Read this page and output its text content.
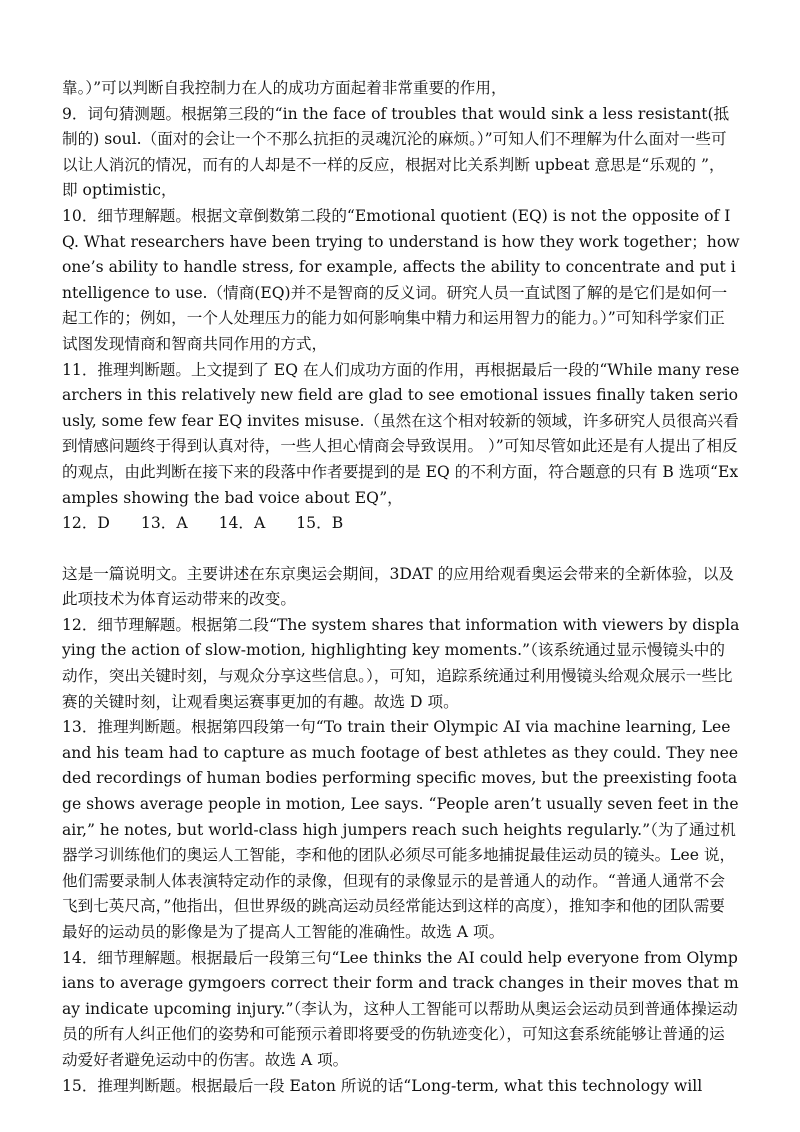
靠。）”可以判断自我控制力在人的成功方面起着非常重要的作用，

9．词句猜测题。根据第三段的“in the face of troubles that would sink a less resistant(抵制的) soul.（面对的会让一个不那么抗拒的灵魂沉沦的麻烦。）”可知人们不理解为什么面对一些可以让人消沉的情况，而有的人却是不一样的反应，根据对比关系判断 upbeat 意思是“乐观的 ”，即 optimistic，

10．细节理解题。根据文章倒数第二段的“Emotional quotient (EQ) is not the opposite of IQ. What researchers have been trying to understand is how they work together；how one’s ability to handle stress, for example, affects the ability to concentrate and put intelligence to use.（情商(EQ)并不是智商的反义词。研究人员一直试图了解的是它们是如何一起工作的；例如，一个人处理压力的能力如何影响集中精力和运用智力的能力。）”可知科学家们正试图发现情商和智商共同作用的方式，

11．推理判断题。上文提到了 EQ 在人们成功方面的作用，再根据最后一段的“While many researchers in this relatively new field are glad to see emotional issues finally taken seriously, some few fear EQ invites misuse.（虽然在这个相对较新的领域，许多研究人员很高兴看到情感问题终于得到认真对待，一些人担心情商会导致误用。 ）”可知尽管如此还是有人提出了相反的观点，由此判断在接下来的段落中作者要提到的是 EQ 的不利方面，符合题意的只有 B 选项“Examples showing the bad voice about EQ”，

12．D 13．A 14．A 15．B

这是一篇说明文。主要讲述在东京奥运会期间，3DAT 的应用给观看奥运会带来的全新体验，以及此项技术为体育运动带来的改变。

12．细节理解题。根据第二段“The system shares that information with viewers by displaying the action of slow-motion, highlighting key moments.”（该系统通过显示慢镜头中的动作，突出关键时刻，与观众分享这些信息。），可知，追踪系统通过利用慢镜头给观众展示一些比赛的关键时刻，让观看奥运赛事更加的有趣。故选 D 项。

13．推理判断题。根据第四段第一句“To train their Olympic AI via machine learning, Lee and his team had to capture as much footage of best athletes as they could. They needed recordings of human bodies performing specific moves, but the preexisting footage shows average people in motion, Lee says. “People aren’t usually seven feet in the air,” he notes, but world-class high jumpers reach such heights regularly.”（为了通过机器学习训练他们的奥运人工智能，李和他的团队必须尽可能多地捕捉最佳运动员的镜头。Lee 说，他们需要录制人体表演特定动作的录像，但现有的录像显示的是普通人的动作。“普通人通常不会飞到七英尺高，”他指出，但世界级的跳高运动员经常能达到这样的高度），推知李和他的团队需要最好的运动员的影像是为了提高人工智能的准确性。故选 A 项。

14．细节理解题。根据最后一段第三句“Lee thinks the AI could help everyone from Olympians to average gymgoers correct their form and track changes in their moves that may indicate upcoming injury.”（李认为，这种人工智能可以帮助从奥运会运动员到普通体操运动员的所有人纠正他们的姿势和可能预示着即将要受的伤轨迹变化），可知这套系统能够让普通的运动爱好者避免运动中的伤害。故选 A 项。

15．推理判断题。根据最后一段 Eaton 所说的话“Long-term, what this technology will
